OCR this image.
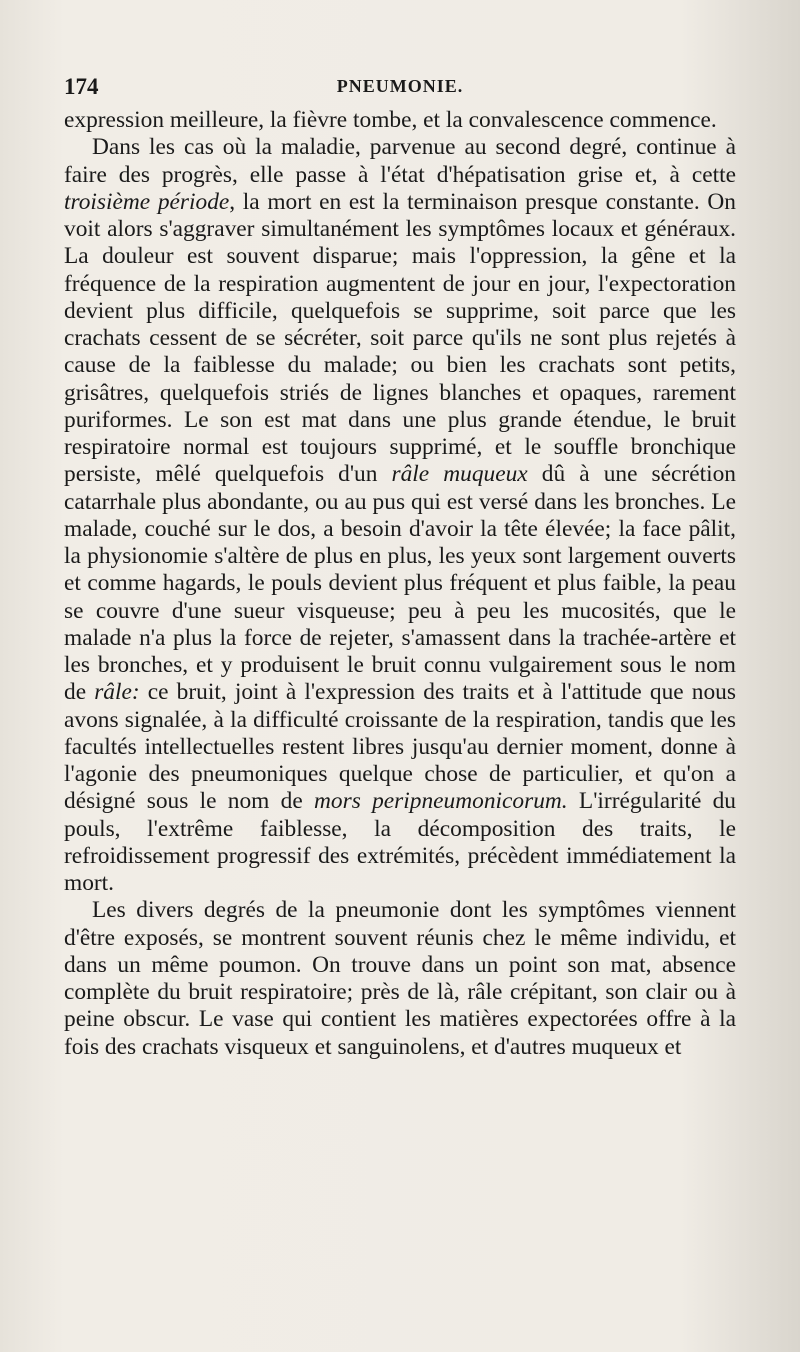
174	PNEUMONIE.

expression meilleure, la fièvre tombe, et la convalescence commence.

Dans les cas où la maladie, parvenue au second degré, continue à faire des progrès, elle passe à l'état d'hépatisation grise et, à cette troisième période, la mort en est la terminaison presque constante. On voit alors s'aggraver simultanément les symptômes locaux et généraux. La douleur est souvent disparue; mais l'oppression, la gêne et la fréquence de la respiration augmentent de jour en jour, l'expectoration devient plus difficile, quelquefois se supprime, soit parce que les crachats cessent de se sécréter, soit parce qu'ils ne sont plus rejetés à cause de la faiblesse du malade; ou bien les crachats sont petits, grisâtres, quelquefois striés de lignes blanches et opaques, rarement puriformes. Le son est mat dans une plus grande étendue, le bruit respiratoire normal est toujours supprimé, et le souffle bronchique persiste, mêlé quelquefois d'un râle muqueux dû à une sécrétion catarrhale plus abondante, ou au pus qui est versé dans les bronches. Le malade, couché sur le dos, a besoin d'avoir la tête élevée; la face pâlit, la physionomie s'altère de plus en plus, les yeux sont largement ouverts et comme hagards, le pouls devient plus fréquent et plus faible, la peau se couvre d'une sueur visqueuse; peu à peu les mucosités, que le malade n'a plus la force de rejeter, s'amassent dans la trachée-artère et les bronches, et y produisent le bruit connu vulgairement sous le nom de râle: ce bruit, joint à l'expression des traits et à l'attitude que nous avons signalée, à la difficulté croissante de la respiration, tandis que les facultés intellectuelles restent libres jusqu'au dernier moment, donne à l'agonie des pneumoniques quelque chose de particulier, et qu'on a désigné sous le nom de mors peripneumonicorum. L'irrégularité du pouls, l'extrême faiblesse, la décomposition des traits, le refroidissement progressif des extrémités, précèdent immédiatement la mort.

Les divers degrés de la pneumonie dont les symptômes viennent d'être exposés, se montrent souvent réunis chez le même individu, et dans un même poumon. On trouve dans un point son mat, absence complète du bruit respiratoire; près de là, râle crépitant, son clair ou à peine obscur. Le vase qui contient les matières expectorées offre à la fois des crachats visqueux et sanguinolens, et d'autres muqueux et
